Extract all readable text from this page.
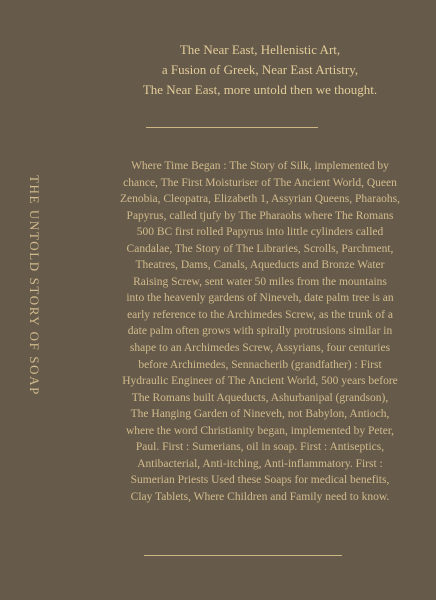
THE UNTOLD STORY OF SOAP
The Near East, Hellenistic Art,
a Fusion of Greek, Near East Artistry,
The Near East, more untold then we thought.
Where Time Began : The Story of Silk, implemented by
chance, The First Moisturiser of The Ancient World, Queen
Zenobia, Cleopatra, Elizabeth 1, Assyrian Queens, Pharaohs,
Papyrus, called tjufy by The Pharaohs where The Romans
500 BC first rolled Papyrus into little cylinders called
Candalae, The Story of The Libraries, Scrolls, Parchment,
Theatres, Dams, Canals, Aqueducts and Bronze Water
Raising Screw, sent water 50 miles from the mountains
into the heavenly gardens of Nineveh, date palm tree is an
early reference to the Archimedes Screw, as the trunk of a
date palm often grows with spirally protrusions similar in
shape to an Archimedes Screw, Assyrians, four centuries
before Archimedes, Sennacherib (grandfather) : First
Hydraulic Engineer of The Ancient World, 500 years before
The Romans built Aqueducts, Ashurbanipal (grandson),
The Hanging Garden of Nineveh, not Babylon, Antioch,
where the word Christianity began, implemented by Peter,
Paul. First : Sumerians, oil in soap. First : Antiseptics,
Antibacterial, Anti-itching, Anti-inflammatory. First :
Sumerian Priests Used these Soaps for medical benefits,
Clay Tablets, Where Children and Family need to know.
